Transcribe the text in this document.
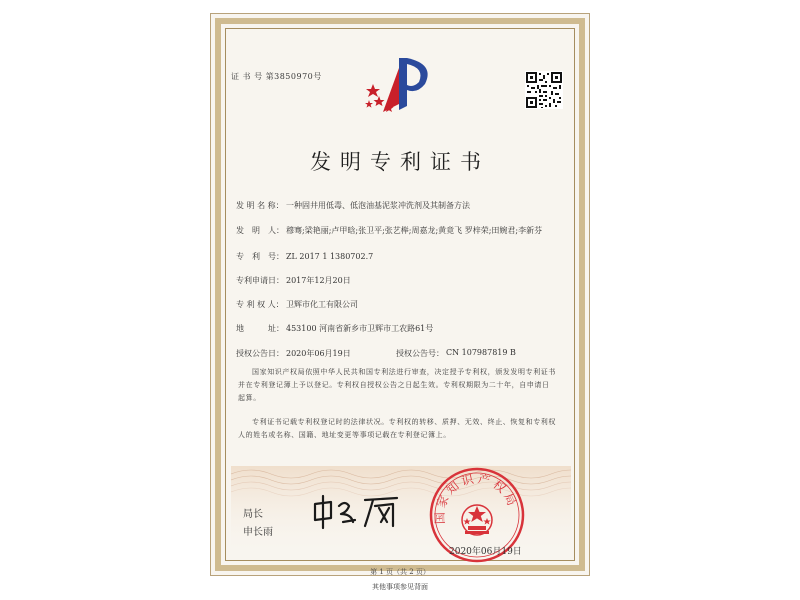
证 书 号 第3850970号
发明专利证书
发 明 名 称： 一种固井用低毒、低泡油基泥浆冲洗剂及其制备方法
发　明　人： 穆骞;梁艳丽;卢甲晗;张卫平;张艺榉;周嘉龙;黄竟飞 罗梓荣;田婉君;李新芬
专　利　号： ZL 2017 1 1380702.7
专利申请日： 2017年12月20日
专 利 权 人： 卫辉市化工有限公司
地　　　址： 453100 河南省新乡市卫辉市工农路61号
授权公告日： 2020年06月19日	授权公告号： CN 107987819 B
国家知识产权局依照中华人民共和国专利法进行审查，决定授予专利权，颁发发明专利证书并在专利登记簿上予以登记。专利权自授权公告之日起生效。专利权期限为二十年，自申请日起算。
专利证书记载专利权登记时的法律状况。专利权的转移、质押、无效、终止、恢复和专利权人的姓名或名称、国籍、地址变更等事项记载在专利登记簿上。
局长
申长雨
国家知识产权局
2020年06月19日
第 1 页（共 2 页）
其他事项参见背面
